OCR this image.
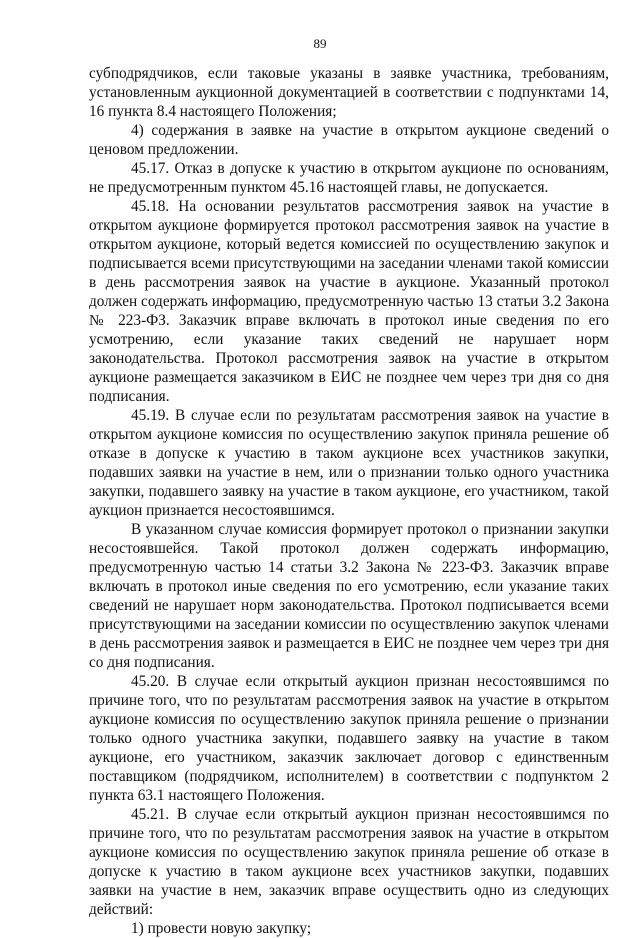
89

субподрядчиков, если таковые указаны в заявке участника, требованиям, установленным аукционной документацией в соответствии с подпунктами 14, 16 пункта 8.4 настоящего Положения;

4) содержания в заявке на участие в открытом аукционе сведений о ценовом предложении.

45.17. Отказ в допуске к участию в открытом аукционе по основаниям, не предусмотренным пунктом 45.16 настоящей главы, не допускается.

45.18. На основании результатов рассмотрения заявок на участие в открытом аукционе формируется протокол рассмотрения заявок на участие в открытом аукционе, который ведется комиссией по осуществлению закупок и подписывается всеми присутствующими на заседании членами такой комиссии в день рассмотрения заявок на участие в аукционе. Указанный протокол должен содержать информацию, предусмотренную частью 13 статьи 3.2 Закона № 223-ФЗ. Заказчик вправе включать в протокол иные сведения по его усмотрению, если указание таких сведений не нарушает норм законодательства. Протокол рассмотрения заявок на участие в открытом аукционе размещается заказчиком в ЕИС не позднее чем через три дня со дня подписания.

45.19. В случае если по результатам рассмотрения заявок на участие в открытом аукционе комиссия по осуществлению закупок приняла решение об отказе в допуске к участию в таком аукционе всех участников закупки, подавших заявки на участие в нем, или о признании только одного участника закупки, подавшего заявку на участие в таком аукционе, его участником, такой аукцион признается несостоявшимся.

В указанном случае комиссия формирует протокол о признании закупки несостоявшейся. Такой протокол должен содержать информацию, предусмотренную частью 14 статьи 3.2 Закона № 223-ФЗ. Заказчик вправе включать в протокол иные сведения по его усмотрению, если указание таких сведений не нарушает норм законодательства. Протокол подписывается всеми присутствующими на заседании комиссии по осуществлению закупок членами в день рассмотрения заявок и размещается в ЕИС не позднее чем через три дня со дня подписания.

45.20. В случае если открытый аукцион признан несостоявшимся по причине того, что по результатам рассмотрения заявок на участие в открытом аукционе комиссия по осуществлению закупок приняла решение о признании только одного участника закупки, подавшего заявку на участие в таком аукционе, его участником, заказчик заключает договор с единственным поставщиком (подрядчиком, исполнителем) в соответствии с подпунктом 2 пункта 63.1 настоящего Положения.

45.21. В случае если открытый аукцион признан несостоявшимся по причине того, что по результатам рассмотрения заявок на участие в открытом аукционе комиссия по осуществлению закупок приняла решение об отказе в допуске к участию в таком аукционе всех участников закупки, подавших заявки на участие в нем, заказчик вправе осуществить одно из следующих действий:

1) провести новую закупку;
